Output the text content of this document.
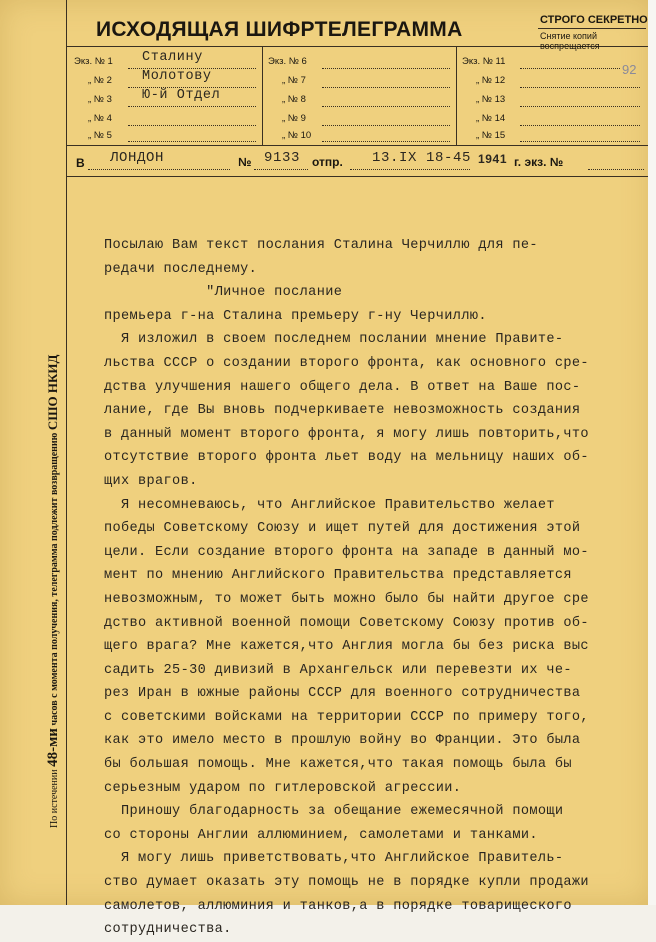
ИСХОДЯЩАЯ ШИФРТЕЛЕГРАММА	СТРОГО СЕКРЕТНО
Снятие копий воспрещается
92
Экз. № 1 Сталину
„ № 2 Молотову
„ № 3 Ю-й Отдел
„ № 4
„ № 5
Экз. № 6
„ № 7
„ № 8
„ № 9
„ № 10
Экз. № 11
„ № 12
„ № 13
„ № 14
„ № 15
В ЛОНДОН	№ 9133 отпр. 13.IX 18-45 1941 г. экз. №
По истечении 48-ми часов с момента получения, телеграмма подлежит возвращению СШО НКИД
Посылаю Вам текст послания Сталина Черчиллю для пе-
редачи последнему.
"Личное послание
премьера г-на Сталина премьеру г-ну Черчиллю.
Я изложил в своем последнем послании мнение Правите-
льства СССР о создании второго фронта, как основного сре-
дства улучшения нашего общего дела. В ответ на Ваше пос-
лание, где Вы вновь подчеркиваете невозможность создания
в данный момент второго фронта, я могу лишь повторить,что
отсутствие второго фронта льет воду на мельницу наших об-
щих врагов.
Я несомневаюсь, что Английское Правительство желает
победы Советскому Союзу и ищет путей для достижения этой
цели. Если создание второго фронта на западе в данный мо-
мент по мнению Английского Правительства представляется
невозможным, то может быть можно было бы найти другое сре
дство активной военной помощи Советскому Союзу против об-
щего врага? Мне кажется,что Англия могла бы без риска выс
садить 25-30 дивизий в Архангельск или перевезти их че-
рез Иран в южные районы СССР для военного сотрудничества
с советскими войсками на территории СССР по примеру того,
как это имело место в прошлую войну во Франции. Это была
бы большая помощь. Мне кажется,что такая помощь была бы
серьезным ударом по гитлеровской агрессии.
Приношу благодарность за обещание ежемесячной помощи
со стороны Англии аллюминием, самолетами и танками.
Я могу лишь приветствовать,что Английское Правитель-
ство думает оказать эту помощь не в порядке купли продажи
самолетов, аллюминия и танков,а в порядке товарищеского
сотрудничества.
